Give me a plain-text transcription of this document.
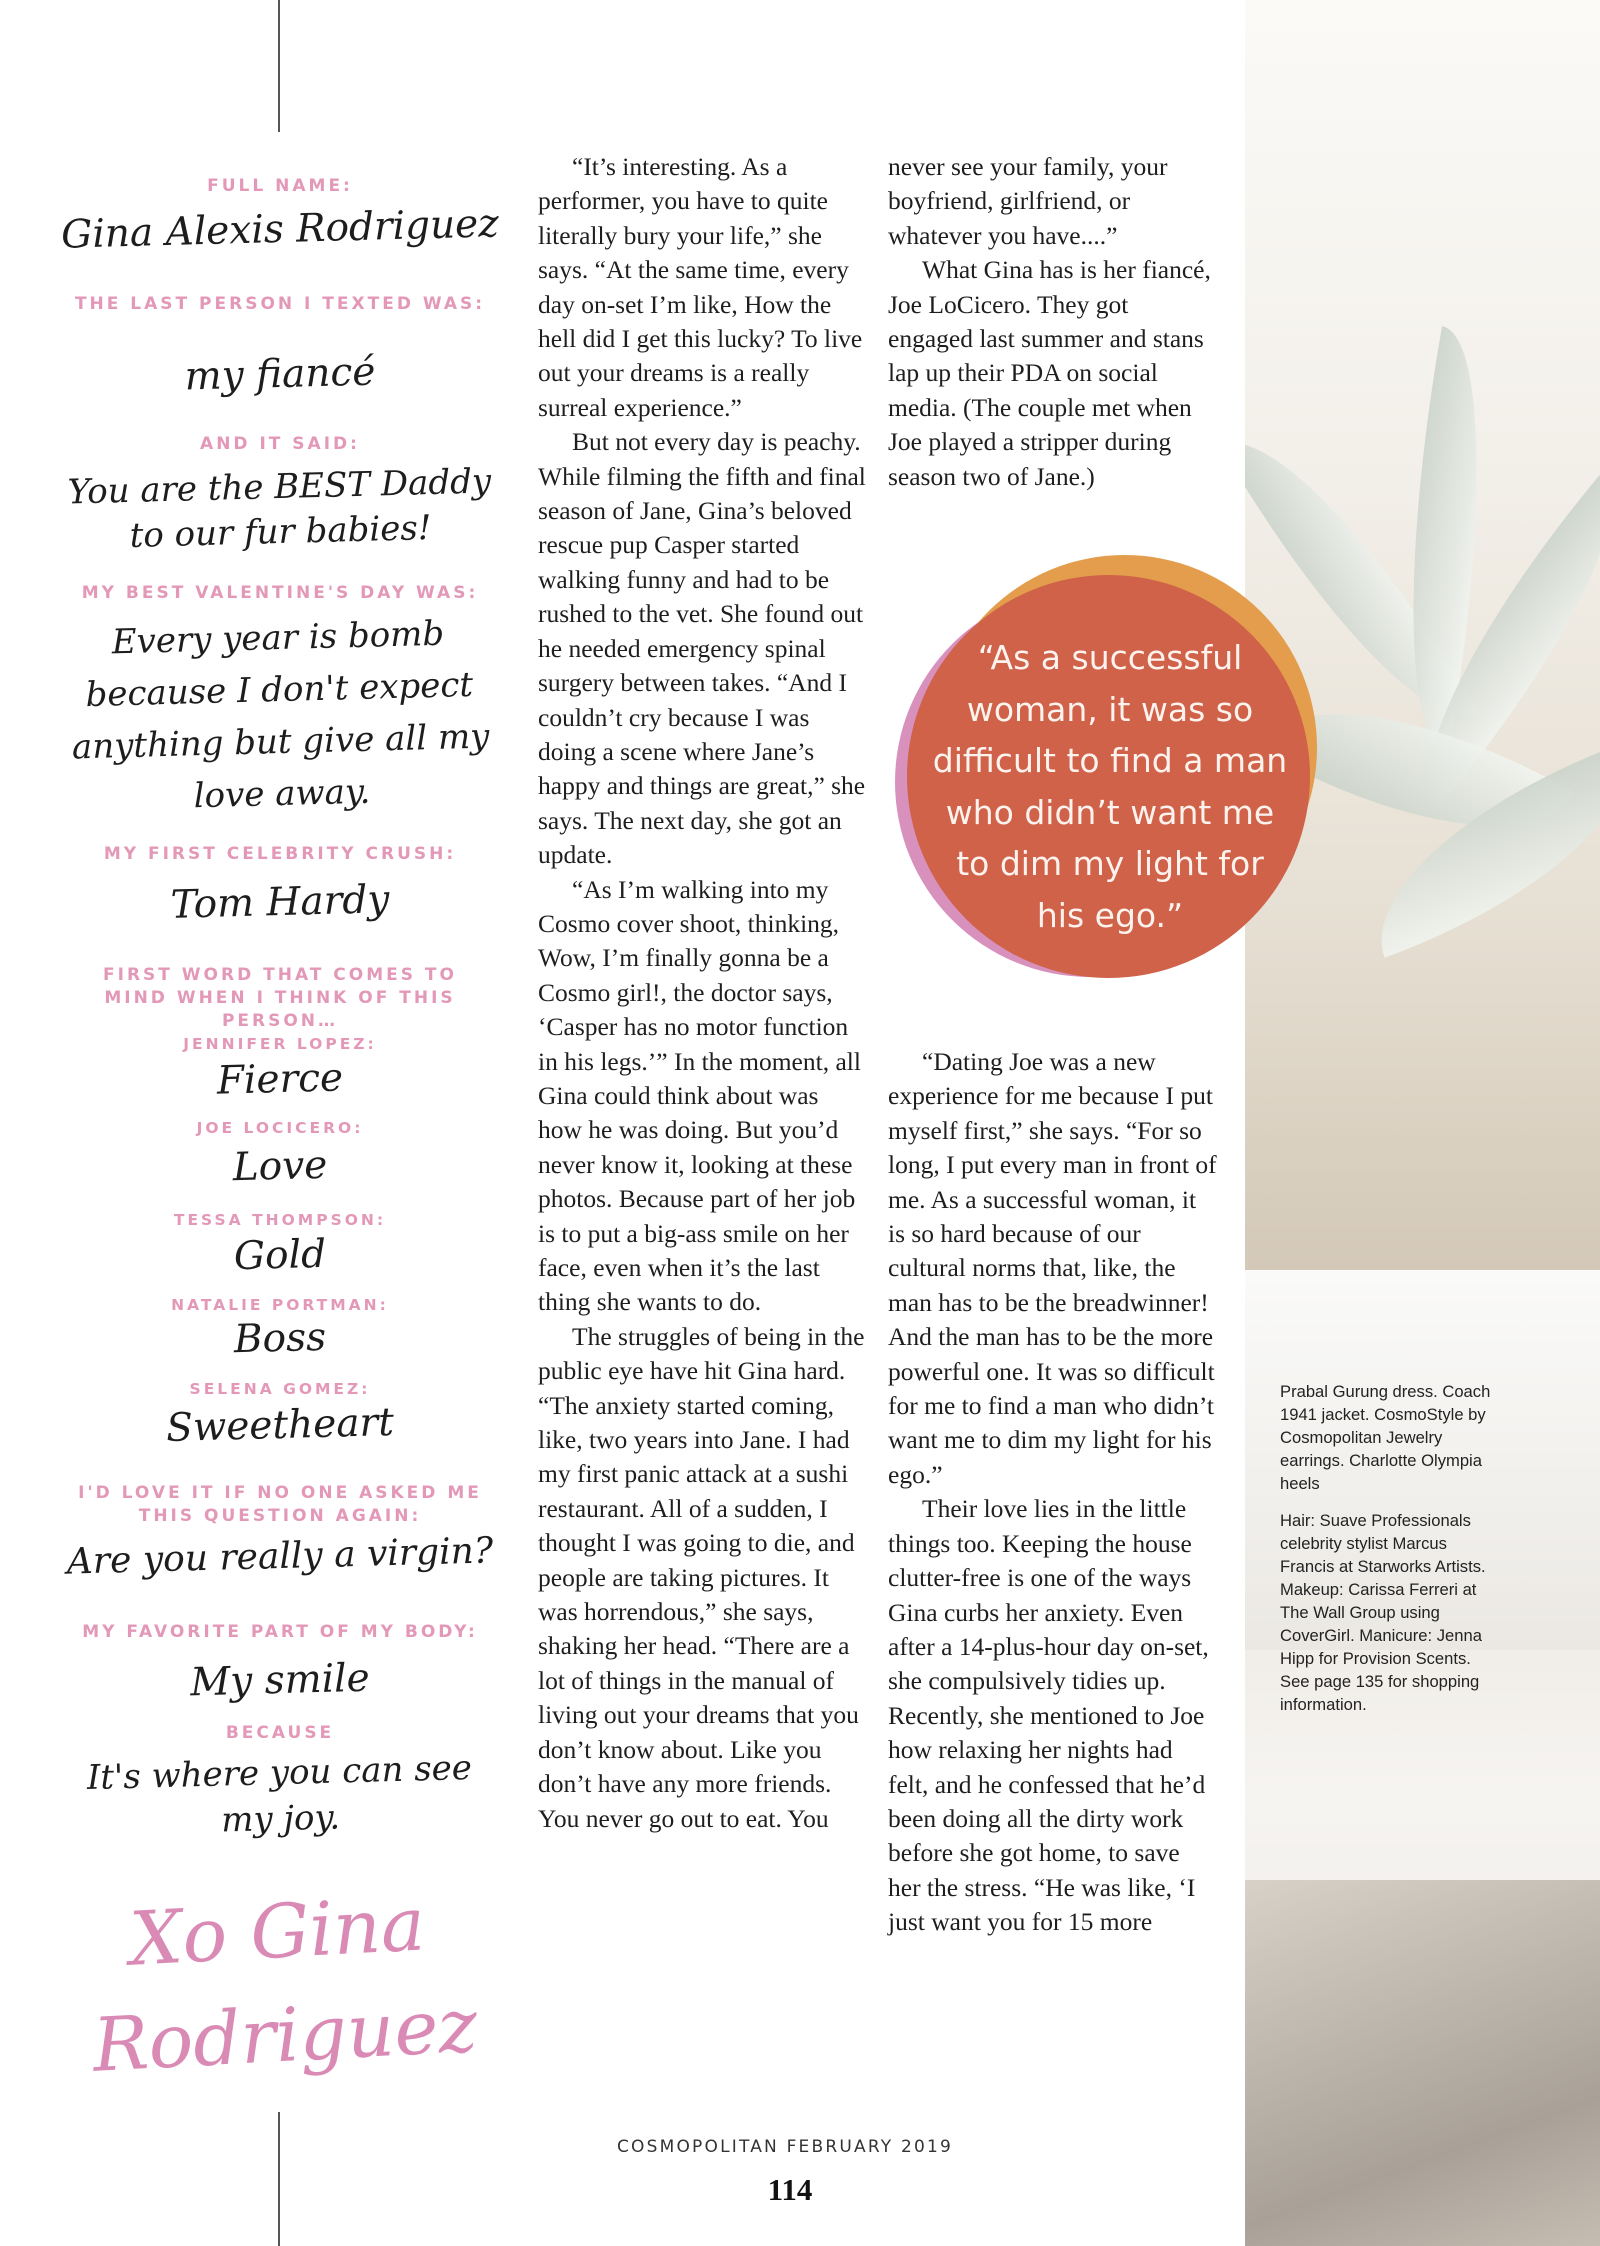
FULL NAME:
Gina Alexis Rodriguez
THE LAST PERSON I TEXTED WAS:
my fiancé
AND IT SAID:
You are the BEST Daddy to our fur babies!
MY BEST VALENTINE'S DAY WAS:
Every year is bomb because I don't expect anything but give all my love away.
MY FIRST CELEBRITY CRUSH:
Tom Hardy
FIRST WORD THAT COMES TO MIND WHEN I THINK OF THIS PERSON…
JENNIFER LOPEZ:
Fierce
JOE LOCICERO:
Love
TESSA THOMPSON:
Gold
NATALIE PORTMAN:
Boss
SELENA GOMEZ:
Sweetheart
I'D LOVE IT IF NO ONE ASKED ME THIS QUESTION AGAIN:
Are you really a virgin?
MY FAVORITE PART OF MY BODY:
My smile
BECAUSE
It's where you can see my joy.
Xo Gina Rodriguez

“It’s interesting. As a performer, you have to quite literally bury your life,” she says. “At the same time, every day on-set I’m like, How the hell did I get this lucky? To live out your dreams is a really surreal experience.”

But not every day is peachy. While filming the fifth and final season of Jane, Gina’s beloved rescue pup Casper started walking funny and had to be rushed to the vet. She found out he needed emergency spinal surgery between takes. “And I couldn’t cry because I was doing a scene where Jane’s happy and things are great,” she says. The next day, she got an update.

“As I’m walking into my Cosmo cover shoot, thinking, Wow, I’m finally gonna be a Cosmo girl!, the doctor says, ‘Casper has no motor function in his legs.’” In the moment, all Gina could think about was how he was doing. But you’d never know it, looking at these photos. Because part of her job is to put a big-ass smile on her face, even when it’s the last thing she wants to do.

The struggles of being in the public eye have hit Gina hard. “The anxiety started coming, like, two years into Jane. I had my first panic attack at a sushi restaurant. All of a sudden, I thought I was going to die, and people are taking pictures. It was horrendous,” she says, shaking her head. “There are a lot of things in the manual of living out your dreams that you don’t know about. Like you don’t have any more friends. You never go out to eat. You

never see your family, your boyfriend, girlfriend, or whatever you have....”

What Gina has is her fiancé, Joe LoCicero. They got engaged last summer and stans lap up their PDA on social media. (The couple met when Joe played a stripper during season two of Jane.)

“As a successful woman, it was so difficult to find a man who didn’t want me to dim my light for his ego.”

“Dating Joe was a new experience for me because I put myself first,” she says. “For so long, I put every man in front of me. As a successful woman, it is so hard because of our cultural norms that, like, the man has to be the breadwinner! And the man has to be the more powerful one. It was so difficult for me to find a man who didn’t want me to dim my light for his ego.”

Their love lies in the little things too. Keeping the house clutter-free is one of the ways Gina curbs her anxiety. Even after a 14-plus-hour day on-set, she compulsively tidies up. Recently, she mentioned to Joe how relaxing her nights had felt, and he confessed that he’d been doing all the dirty work before she got home, to save her the stress. “He was like, ‘I just want you for 15 more

Prabal Gurung dress. Coach 1941 jacket. CosmoStyle by Cosmopolitan Jewelry earrings. Charlotte Olympia heels

Hair: Suave Professionals celebrity stylist Marcus Francis at Starworks Artists. Makeup: Carissa Ferreri at The Wall Group using CoverGirl. Manicure: Jenna Hipp for Provision Scents. See page 135 for shopping information.

COSMOPOLITAN FEBRUARY 2019
114
